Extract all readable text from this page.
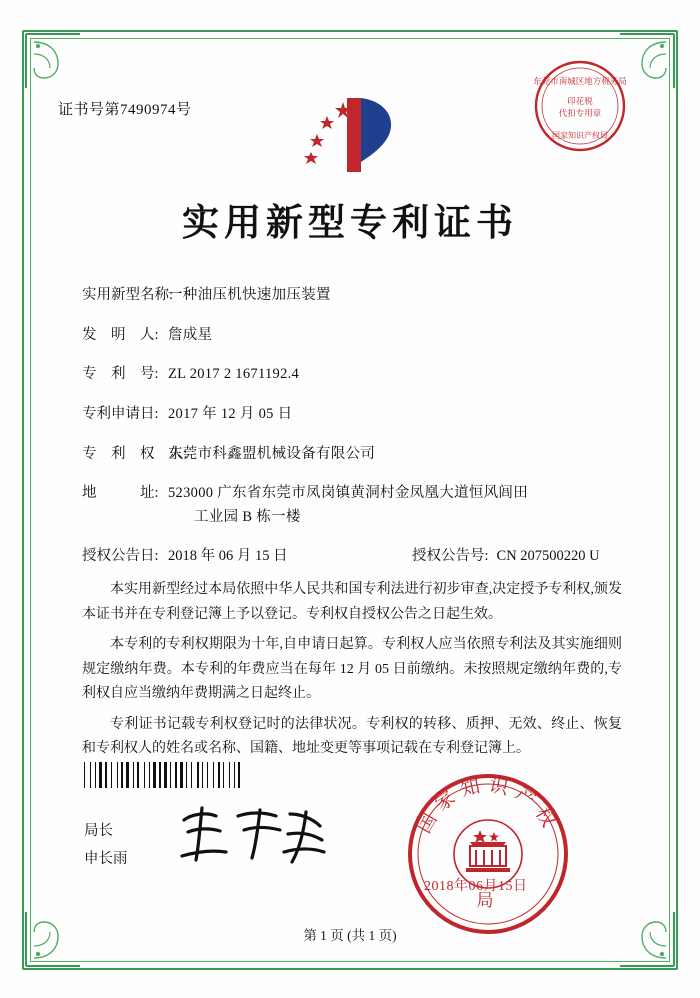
证书号第7490974号
东莞市南城区地方税务局
印花税
代扣专用章
国家知识产权局
实用新型专利证书
实用新型名称:
一种油压机快速加压装置
发　明　人: 詹成星
专　利　号: ZL 2017 2 1671192.4
专利申请日: 2017 年 12 月 05 日
专　利　权　人:
东莞市科鑫盟机械设备有限公司
地　　　址: 523000 广东省东莞市凤岗镇黄洞村金凤凰大道恒风闾田
工业园 B 栋一楼
授权公告日: 2018 年 06 月 15 日	授权公告号: CN 207500220 U

本实用新型经过本局依照中华人民共和国专利法进行初步审查,决定授予专利权,颁发本证书并在专利登记簿上予以登记。专利权自授权公告之日起生效。

本专利的专利权期限为十年,自申请日起算。专利权人应当依照专利法及其实施细则规定缴纳年费。本专利的年费应当在每年 12 月 05 日前缴纳。未按照规定缴纳年费的,专利权自应当缴纳年费期满之日起终止。

专利证书记载专利权登记时的法律状况。专利权的转移、质押、无效、终止、恢复和专利权人的姓名或名称、国籍、地址变更等事项记载在专利登记簿上。

局长
申长雨
国家知识产权
局
2018年06月15日
第 1 页 (共 1 页)
